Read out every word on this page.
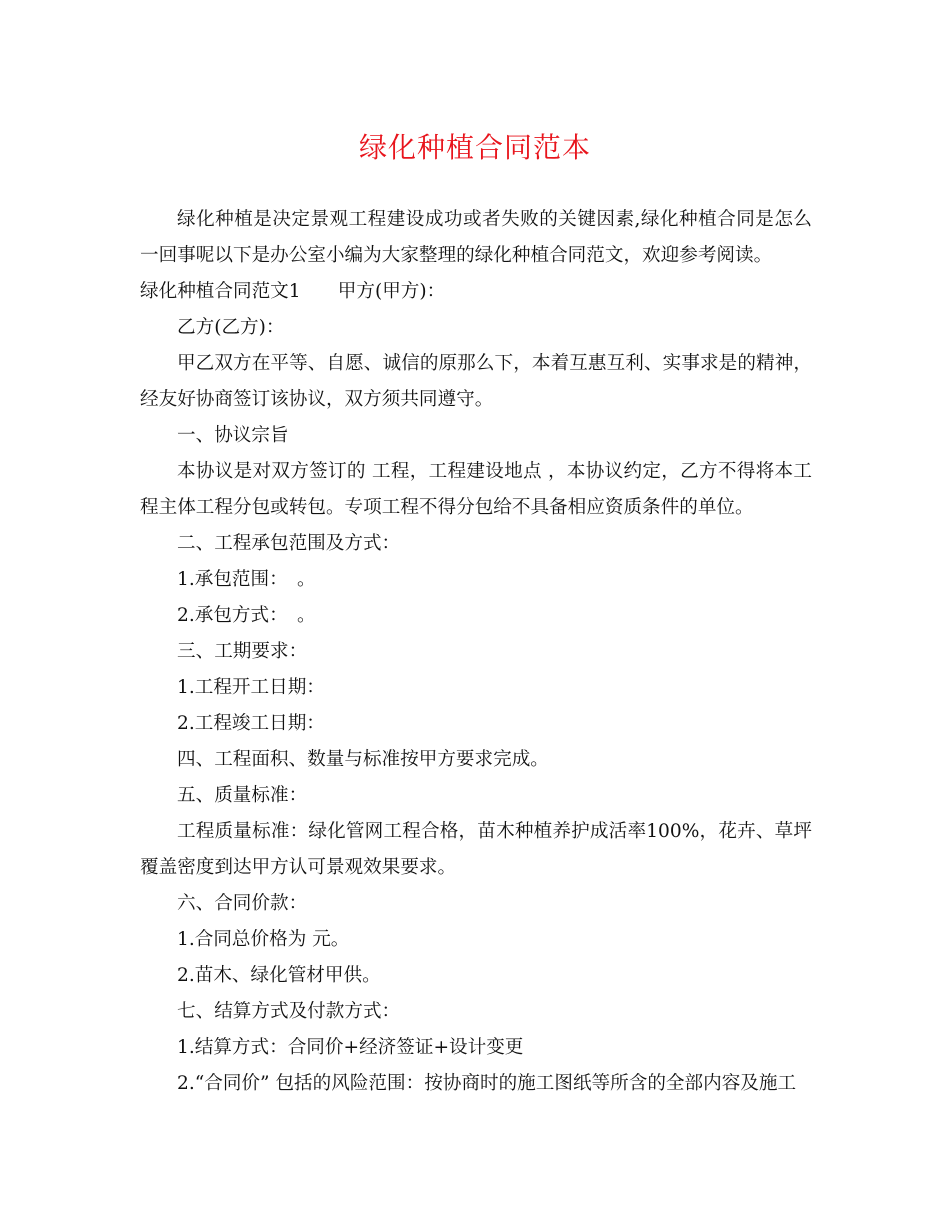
绿化种植合同范本

绿化种植是决定景观工程建设成功或者失败的关键因素,绿化种植合同是怎么一回事呢以下是办公室小编为大家整理的绿化种植合同范文，欢迎参考阅读。

绿化种植合同范文1　　甲方(甲方)：

乙方(乙方)：

甲乙双方在平等、自愿、诚信的原那么下，本着互惠互利、实事求是的精神，经友好协商签订该协议，双方须共同遵守。

一、协议宗旨

本协议是对双方签订的 工程，工程建设地点 ，本协议约定，乙方不得将本工程主体工程分包或转包。专项工程不得分包给不具备相应资质条件的单位。

二、工程承包范围及方式：

1.承包范围：　。

2.承包方式：　。

三、工期要求：

1.工程开工日期：

2.工程竣工日期：

四、工程面积、数量与标准按甲方要求完成。

五、质量标准：

工程质量标准：绿化管网工程合格，苗木种植养护成活率100%，花卉、草坪覆盖密度到达甲方认可景观效果要求。

六、合同价款：

1.合同总价格为 元。

2.苗木、绿化管材甲供。

七、结算方式及付款方式：

1.结算方式：合同价+经济签证+设计变更

2.“合同价” 包括的风险范围：按协商时的施工图纸等所含的全部内容及施工
